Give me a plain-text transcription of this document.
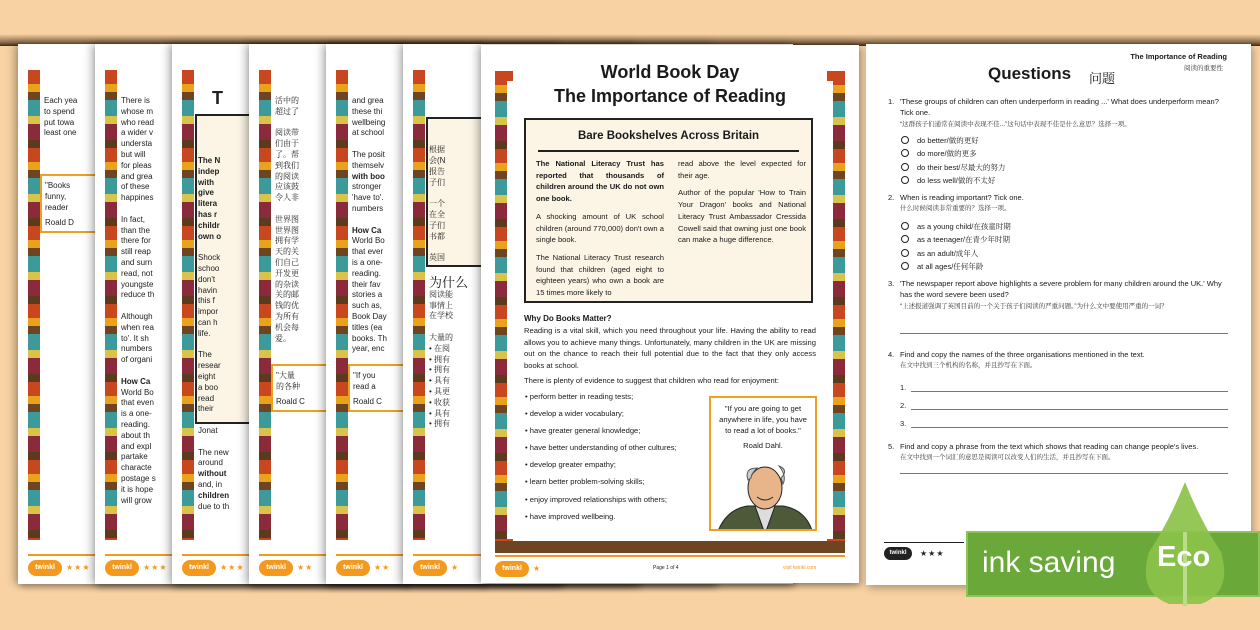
Each yea
to spend
put towa
least one
"Books
funny,
reader
Roald D
twinkl	★★★
There is
whose m
who read
a wider v
understa
but will
for pleas
and grea
of these
happines
In fact,
than the
there for
still reap
and surn
read, not
youngste
reduce th
Although
when rea
to'. It sh
numbers
of organi
How Ca
World Bo
that even
is a one-
reading.
about th
and expl
partake
characte
postage s
it is hope
will grow
twinkl	★★★
T
The N
indep
with
give
litera
has r
childr
own o
Shock
schoo
don't
havin
this f
impor
can h
life.
The
resear
eight
a boo
read
their
Jonat
The new
around
without
and, in
children
due to th
twinkl	★★★
活中的
超过了
阅读带
们由于
了。帮
到我们
的阅读
应该鼓
令人非
世界图
世界图
拥有学
天的关
们自己
开发更
的杂读
关的邮
钱的优
为所有
机会每
爱。
"大量
的各种
Roald C
twinkl	★★
and grea
these thi
wellbeing
at school
The posit
themselv
with boo
stronger
'have to'.
numbers
How Ca
World Bo
that ever
is a one-
reading.
their fav
stories a
such as,
Book Day
titles (ea
books. Th
year, enc
"If you
read a
Roald C
twinkl	★★
根据
会(N
报告
子们
一个
在全
子们
书都
英国
为什么
阅读能
事情上
在学校
大量的
• 在阅
• 拥有
• 拥有
• 具有
• 具更
• 收获
• 具有
• 拥有
twinkl	★
World Book Day
The Importance of Reading
Bare Bookshelves Across Britain

The National Literacy Trust has reported that thousands of children around the UK do not own one book.

A shocking amount of UK school children (around 770,000) don't own a single book.

The National Literacy Trust research found that children (aged eight to eighteen years) who own a book are 15 times more likely to

read above the level expected for their age.

Author of the popular 'How to Train Your Dragon' books and National Literacy Trust Ambassador Cressida Cowell said that owning just one book can make a huge difference.

Why Do Books Matter?
Reading is a vital skill, which you need throughout your life. Having the ability to read allows you to achieve many things. Unfortunately, many children in the UK are missing out on the chance to reach their full potential due to the fact that they only access books at school.
There is plenty of evidence to suggest that children who read for enjoyment:
• perform better in reading tests;
• develop a wider vocabulary;
• have greater general knowledge;
• have better understanding of other cultures;
• develop greater empathy;
• learn better problem-solving skills;
• enjoy improved relationships with others;
• have improved wellbeing.

"If you are going to get anywhere in life, you have to read a lot of books."

Roald Dahl.

twinkl	★	Page 1 of 4	visit twinkl.com
The Importance of Reading
阅读的重要性
Questions 问题
1. 'These groups of children can often underperform in reading ...' What does underperform mean? Tick one.
“这群孩子们通常在阅读中表现不佳...”这句话中表现不佳是什么意思？选择一项。
do better/做的更好
do more/做的更多
do their best/尽最大的努力
do less well/做的不太好
2. When is reading important? Tick one.
什么时候阅读非常重要的？选择一项。
as a young child/在孩童时期
as a teenager/在青少年时期
as an adult/成年人
at all ages/任何年龄
3. 'The newspaper report above highlights a severe problem for many children around the UK.' Why has the word severe been used?
“上述报道强调了英国目前的一个关于孩子们阅读的严重问题。”为什么文中要使用严重的一词？
4. Find and copy the names of the three organisations mentioned in the text.
在文中找到三个机构的名称，并且抄写在下面。
1.
2.
3.
5. Find and copy a phrase from the text which shows that reading can change people's lives.
在文中找到一个词汇的意思是阅读可以改变人们的生活，并且抄写在下面。
twinkl	★★★ ink saving Eco
